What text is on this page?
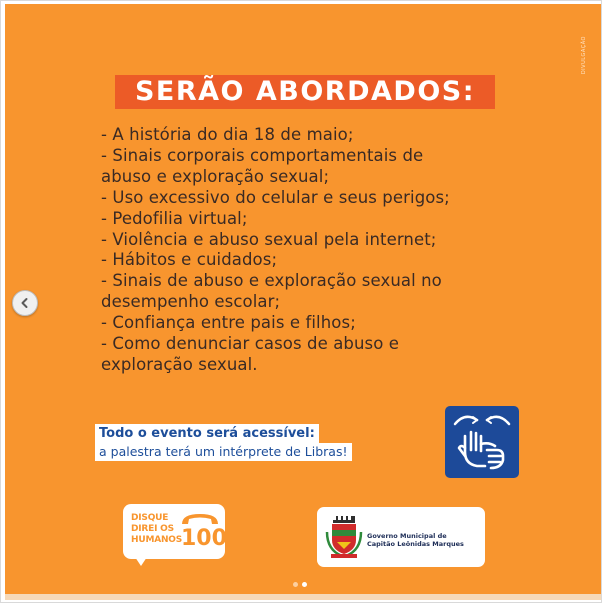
DIVULGAÇÃO
SERÃO ABORDADOS:
- A história do dia 18 de maio;
- Sinais corporais comportamentais de
abuso e exploração sexual;
- Uso excessivo do celular e seus perigos;
- Pedofilia virtual;
- Violência e abuso sexual pela internet;
- Hábitos e cuidados;
- Sinais de abuso e exploração sexual no
desempenho escolar;
- Confiança entre pais e filhos;
- Como denunciar casos de abuso e
exploração sexual.
Todo o evento será acessível:
a palestra terá um intérprete de Libras!
DISQUE
DIREI OS
HUMANOS
100	Governo Municipal de
Capitão Leônidas Marques
